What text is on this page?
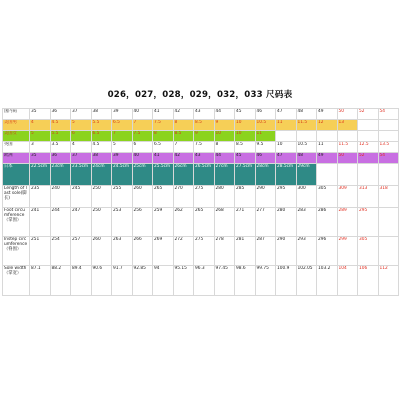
026，027，028，029，032，033 尺码表
国内码	35	36	37	38	39	40	41	42	43	44	45	46	47	48	49	50	52	54
美国男	4	4.5	5	5.5	6.5	7	7.5	8	8.5	9	10	10.5	11	11.5	12	13		
美国女	5	5.5	6	6.5	7	7.5	8	8.5	9	10	10	11						
英国	3	3.5	4	4.5	5	6	6.5	7	7.5	8	8.5	9.5	10	10.5	11	11.5	12.5	13.5
欧洲	35	36	37	38	39	40	41	42	43	44	45	46	47	48	49	50	52	54
日本	22.5cm	23cm	23.5cm	24cm	24.5cm	25cm	25.5cm	26cm	26.5cm	27cm	27.5cm	28cm	28.5cm	29cm				
Length of last sole(脚长)	235	240	245	250	255	260	265	270	275	280	285	290	295	300	305	309	313	318
Foot circumference（掌围）	241	244	247	250	253	256	259	262	265	268	271	277	280	283	286	289	295	
Instep circumference（脊围）	251	254	257	260	263	266	269	272	275	278	281	287	290	293	296	299	305	
Sole width（掌宽）	87.1	88.2	89.4	90.6	91.7	92.85	94	95.15	96.3	97.45	98.6	99.75	100.9	102.05	103.2	104	106	112
